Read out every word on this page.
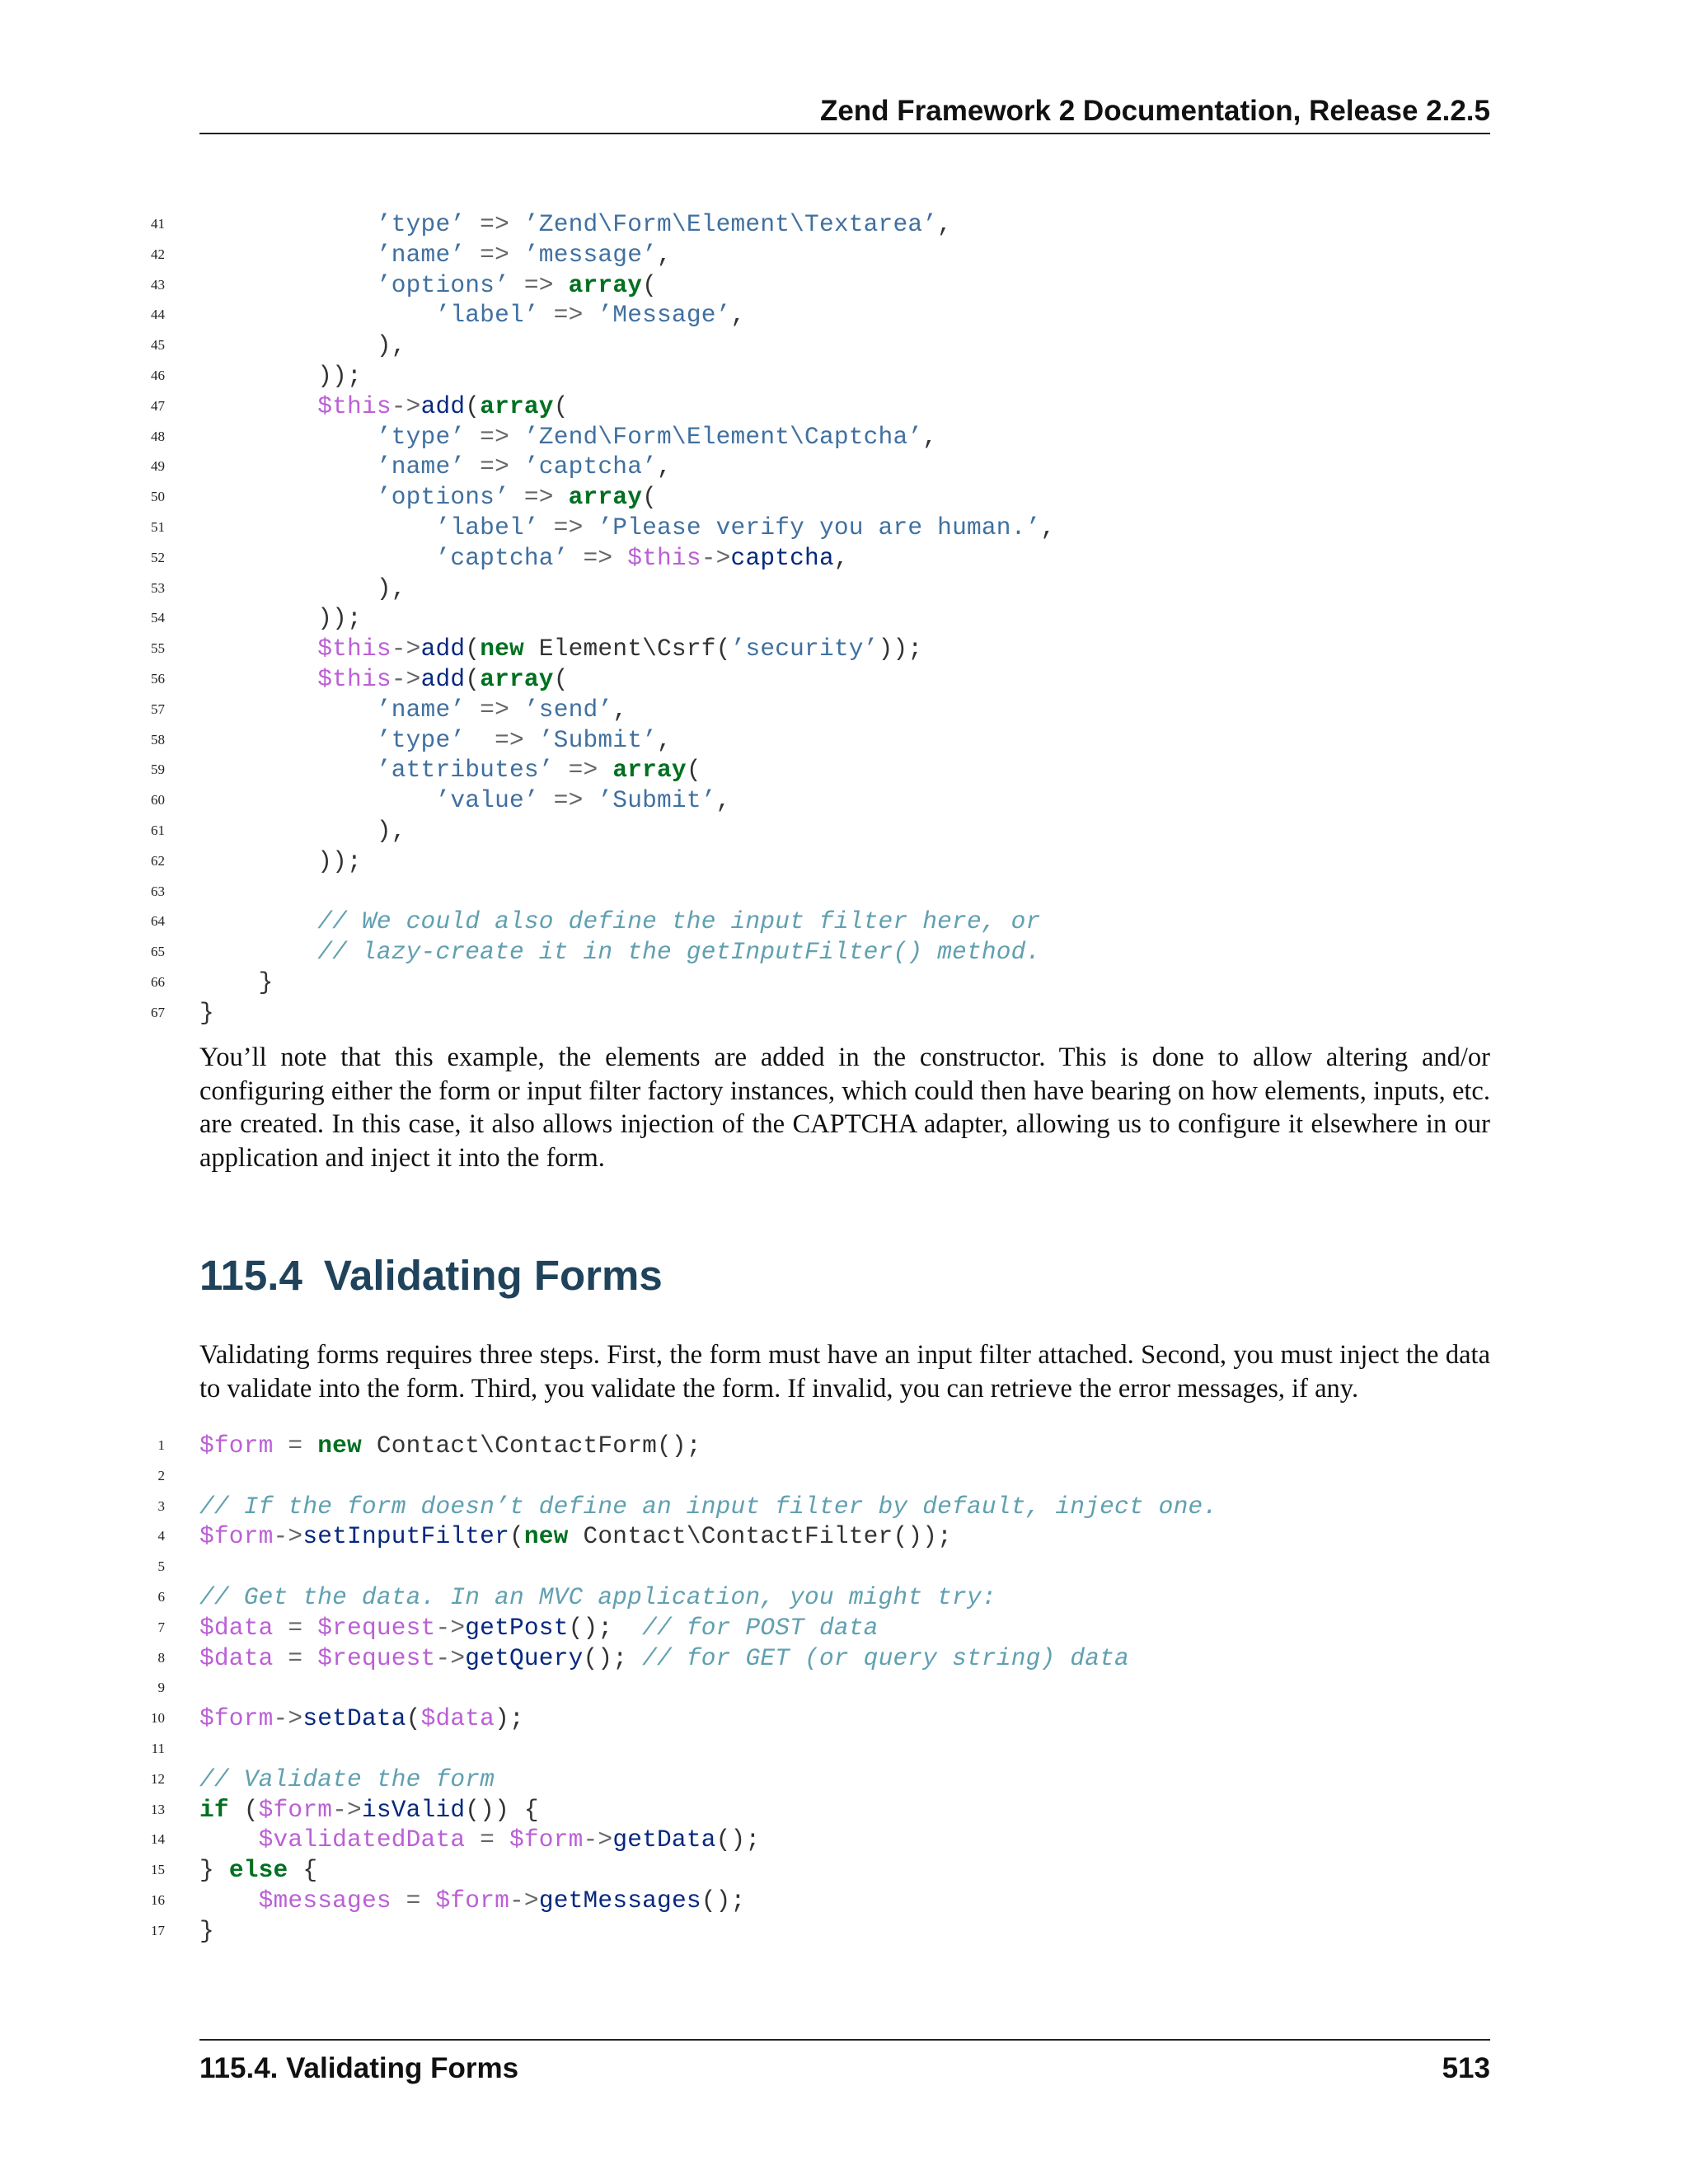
Zend Framework 2 Documentation, Release 2.2.5
41	’type’ => ’Zend\Form\Element\Textarea’,
42	’name’ => ’message’,
43	’options’ => array(
44	’label’ => ’Message’,
45 ),
46 ));
47	$this->add(array(
48	’type’ => ’Zend\Form\Element\Captcha’,
49	’name’ => ’captcha’,
50	’options’ => array(
51	’label’ => ’Please verify you are human.’,
52	’captcha’ => $this->captcha,
53 ),
54 ));
55	$this->add(new Element\Csrf(’security’));
56	$this->add(array(
57	’name’ => ’send’,
58	’type’  => ’Submit’,
59	’attributes’ => array(
60	’value’ => ’Submit’,
61 ),
62 ));
63
64	// We could also define the input filter here, or
65	// lazy-create it in the getInputFilter() method.
66 }
67 }

You’ll note that this example, the elements are added in the constructor. This is done to allow altering and/or configuring either the form or input filter factory instances, which could then have bearing on how elements, inputs, etc. are created. In this case, it also allows injection of the CAPTCHA adapter, allowing us to configure it elsewhere in our application and inject it into the form.

115.4 Validating Forms

Validating forms requires three steps. First, the form must have an input filter attached. Second, you must inject the data to validate into the form. Third, you validate the form. If invalid, you can retrieve the error messages, if any.

1 $form = new Contact\ContactForm();
2
3 // If the form doesn’t define an input filter by default, inject one.
4 $form->setInputFilter(new Contact\ContactFilter());
5
6 // Get the data. In an MVC application, you might try:
7 $data = $request->getPost();  // for POST data
8 $data = $request->getQuery(); // for GET (or query string) data
9
10 $form->setData($data);
11
12 // Validate the form
13 if ($form->isValid()) {
14	$validatedData = $form->getData();
15 } else {
16	$messages = $form->getMessages();
17 }
115.4. Validating Forms	513
